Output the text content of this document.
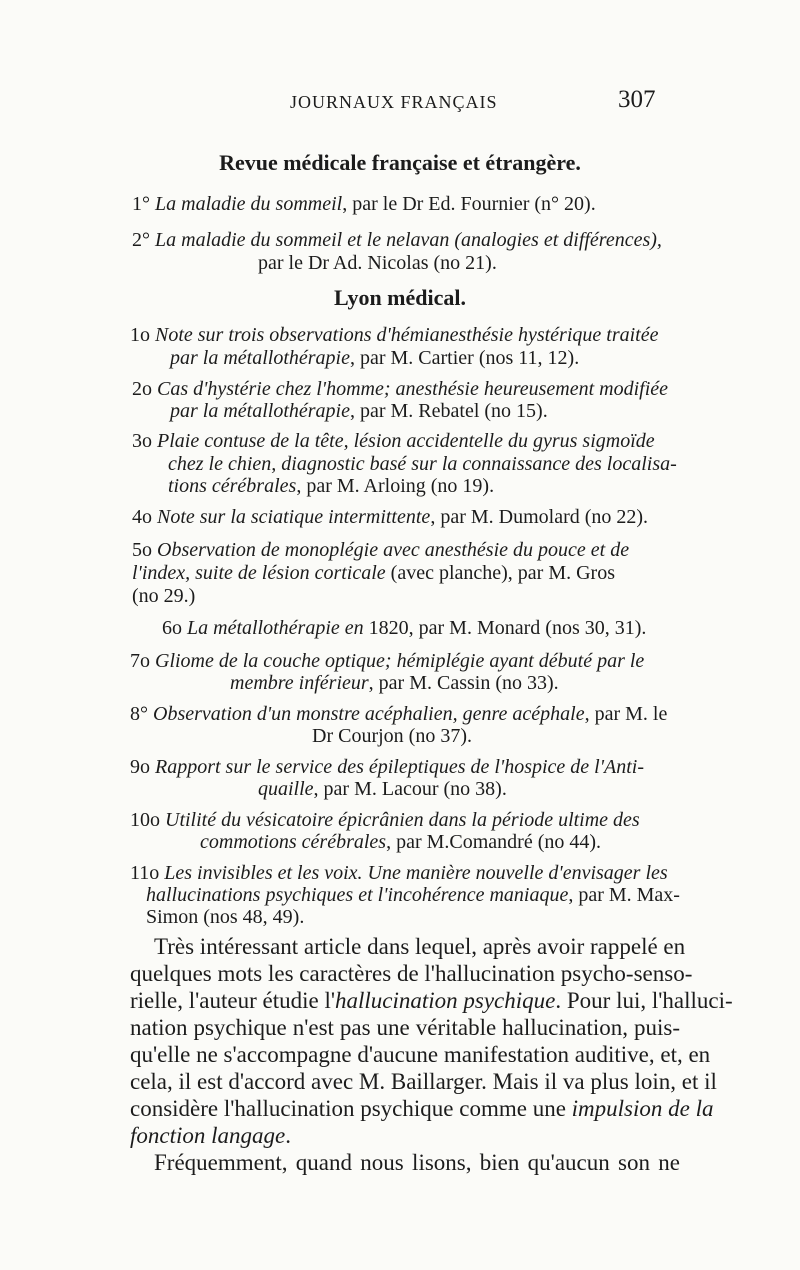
JOURNAUX FRANÇAIS	307
Revue médicale française et étrangère.
1° La maladie du sommeil, par le Dr Ed. Fournier (n° 20).
2° La maladie du sommeil et le nelavan (analogies et différences),
par le Dr Ad. Nicolas (no 21).
Lyon médical.
1o Note sur trois observations d'hémianesthésie hystérique traitée
par la métallothérapie, par M. Cartier (nos 11, 12).
2o Cas d'hystérie chez l'homme; anesthésie heureusement modifiée
par la métallothérapie, par M. Rebatel (no 15).
3o Plaie contuse de la tête, lésion accidentelle du gyrus sigmoïde
chez le chien, diagnostic basé sur la connaissance des localisa-
tions cérébrales, par M. Arloing (no 19).
4o Note sur la sciatique intermittente, par M. Dumolard (no 22).
5o Observation de monoplégie avec anesthésie du pouce et de
l'index, suite de lésion corticale (avec planche), par M. Gros
(no 29.)
6o La métallothérapie en 1820, par M. Monard (nos 30, 31).
7o Gliome de la couche optique; hémiplégie ayant débuté par le
membre inférieur, par M. Cassin (no 33).
8° Observation d'un monstre acéphalien, genre acéphale, par M. le
Dr Courjon (no 37).
9o Rapport sur le service des épileptiques de l'hospice de l'Anti-
quaille, par M. Lacour (no 38).
10o Utilité du vésicatoire épicrânien dans la période ultime des
commotions cérébrales, par M.Comandré (no 44).
11o Les invisibles et les voix. Une manière nouvelle d'envisager les
hallucinations psychiques et l'incohérence maniaque, par M. Max-
Simon (nos 48, 49).
Très intéressant article dans lequel, après avoir rappelé en
quelques mots les caractères de l'hallucination psycho-senso-
rielle, l'auteur étudie l'hallucination psychique. Pour lui, l'halluci-
nation psychique n'est pas une véritable hallucination, puis-
qu'elle ne s'accompagne d'aucune manifestation auditive, et, en
cela, il est d'accord avec M. Baillarger. Mais il va plus loin, et il
considère l'hallucination psychique comme une impulsion de la
fonction langage.
Fréquemment, quand nous lisons, bien qu'aucun son ne
